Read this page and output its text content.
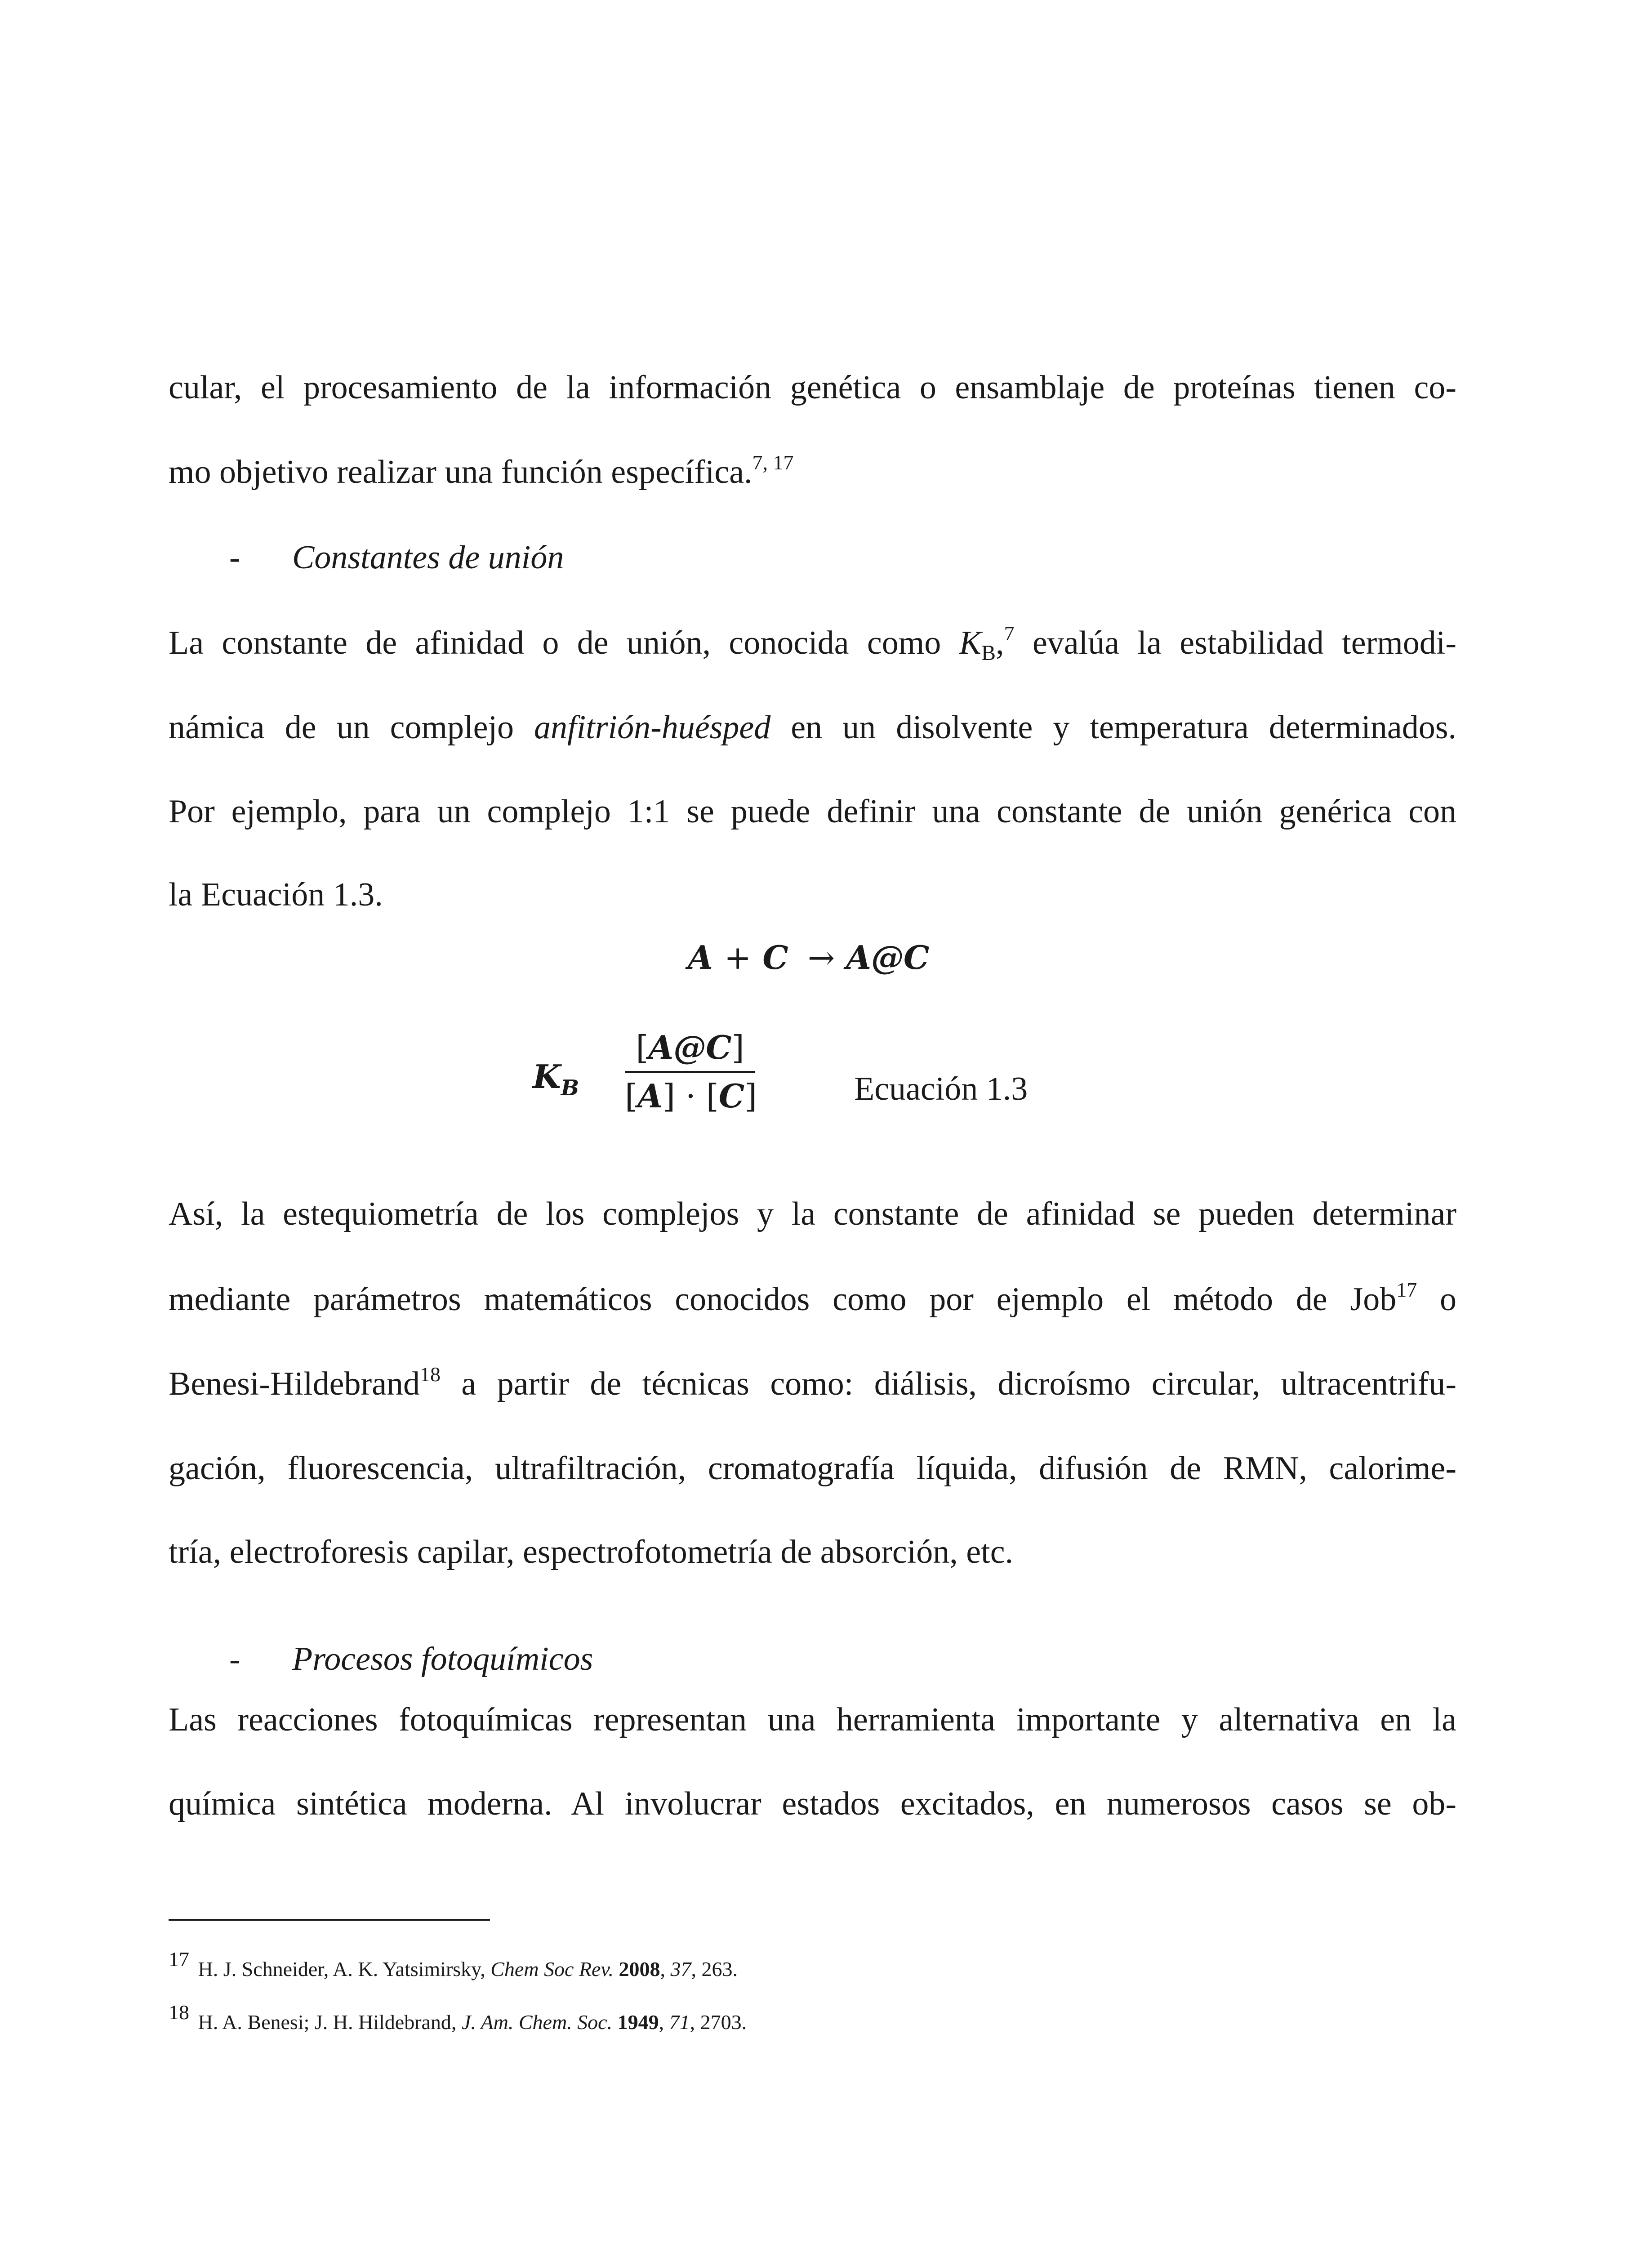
cular, el procesamiento de la información genética o ensamblaje de proteínas tienen co-
mo objetivo realizar una función específica.$^{7, 17}$
- Constantes de unión
La constante de afinidad o de unión, conocida como $K_B,^7$ evalúa la estabilidad termodi-
námica de un complejo anfitrión-huésped en un disolvente y temperatura determinados.
Por ejemplo, para un complejo 1:1 se puede definir una constante de unión genérica con
la Ecuación 1.3.
A + C → A@C
$K_B$
[A@C]
[A] · [C]	Ecuación 1.3
Así, la estequiometría de los complejos y la constante de afinidad se pueden determinar
mediante parámetros matemáticos conocidos como por ejemplo el método de Job$^{17}$ o
Benesi-Hildebrand$^{18}$ a partir de técnicas como: diálisis, dicroísmo circular, ultracentrifu-
gación, fluorescencia, ultrafiltración, cromatografía líquida, difusión de RMN, calorime-
tría, electroforesis capilar, espectrofotometría de absorción, etc.
- Procesos fotoquímicos
Las reacciones fotoquímicas representan una herramienta importante y alternativa en la
química sintética moderna. Al involucrar estados excitados, en numerosos casos se ob-
17 H. J. Schneider, A. K. Yatsimirsky, Chem Soc Rev. 2008, 37, 263.
18 H. A. Benesi; J. H. Hildebrand, J. Am. Chem. Soc. 1949, 71, 2703.
